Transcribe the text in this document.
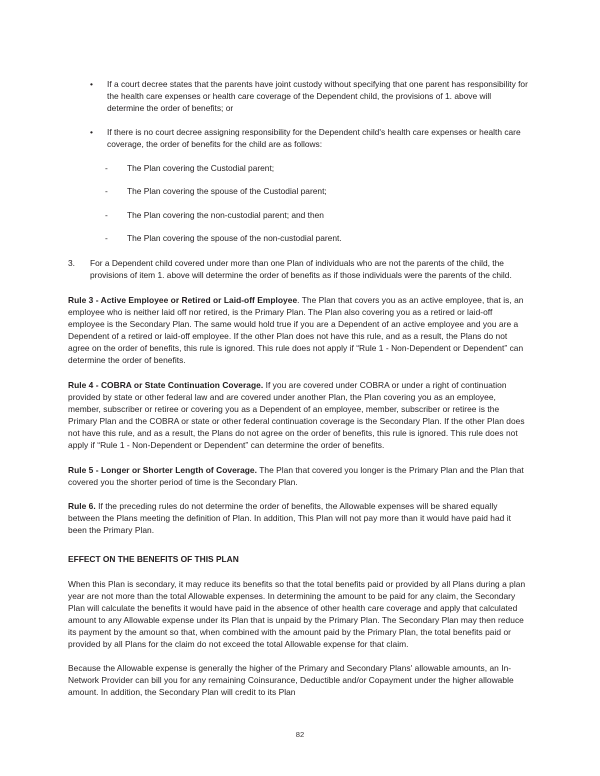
• If a court decree states that the parents have joint custody without specifying that one parent has responsibility for the health care expenses or health care coverage of the Dependent child, the provisions of 1. above will determine the order of benefits; or
• If there is no court decree assigning responsibility for the Dependent child's health care expenses or health care coverage, the order of benefits for the child are as follows:
- The Plan covering the Custodial parent;
- The Plan covering the spouse of the Custodial parent;
- The Plan covering the non-custodial parent; and then
- The Plan covering the spouse of the non-custodial parent.
3. For a Dependent child covered under more than one Plan of individuals who are not the parents of the child, the provisions of item 1. above will determine the order of benefits as if those individuals were the parents of the child.

Rule 3 - Active Employee or Retired or Laid-off Employee. The Plan that covers you as an active employee, that is, an employee who is neither laid off nor retired, is the Primary Plan. The Plan also covering you as a retired or laid-off employee is the Secondary Plan. The same would hold true if you are a Dependent of an active employee and you are a Dependent of a retired or laid-off employee. If the other Plan does not have this rule, and as a result, the Plans do not agree on the order of benefits, this rule is ignored. This rule does not apply if “Rule 1 - Non-Dependent or Dependent” can determine the order of benefits.

Rule 4 - COBRA or State Continuation Coverage. If you are covered under COBRA or under a right of continuation provided by state or other federal law and are covered under another Plan, the Plan covering you as an employee, member, subscriber or retiree or covering you as a Dependent of an employee, member, subscriber or retiree is the Primary Plan and the COBRA or state or other federal continuation coverage is the Secondary Plan. If the other Plan does not have this rule, and as a result, the Plans do not agree on the order of benefits, this rule is ignored. This rule does not apply if “Rule 1 - Non-Dependent or Dependent” can determine the order of benefits.

Rule 5 - Longer or Shorter Length of Coverage. The Plan that covered you longer is the Primary Plan and the Plan that covered you the shorter period of time is the Secondary Plan.

Rule 6. If the preceding rules do not determine the order of benefits, the Allowable expenses will be shared equally between the Plans meeting the definition of Plan. In addition, This Plan will not pay more than it would have paid had it been the Primary Plan.

EFFECT ON THE BENEFITS OF THIS PLAN

When this Plan is secondary, it may reduce its benefits so that the total benefits paid or provided by all Plans during a plan year are not more than the total Allowable expenses. In determining the amount to be paid for any claim, the Secondary Plan will calculate the benefits it would have paid in the absence of other health care coverage and apply that calculated amount to any Allowable expense under its Plan that is unpaid by the Primary Plan. The Secondary Plan may then reduce its payment by the amount so that, when combined with the amount paid by the Primary Plan, the total benefits paid or provided by all Plans for the claim do not exceed the total Allowable expense for that claim.

Because the Allowable expense is generally the higher of the Primary and Secondary Plans' allowable amounts, an In-Network Provider can bill you for any remaining Coinsurance, Deductible and/or Copayment under the higher allowable amount. In addition, the Secondary Plan will credit to its Plan

82
